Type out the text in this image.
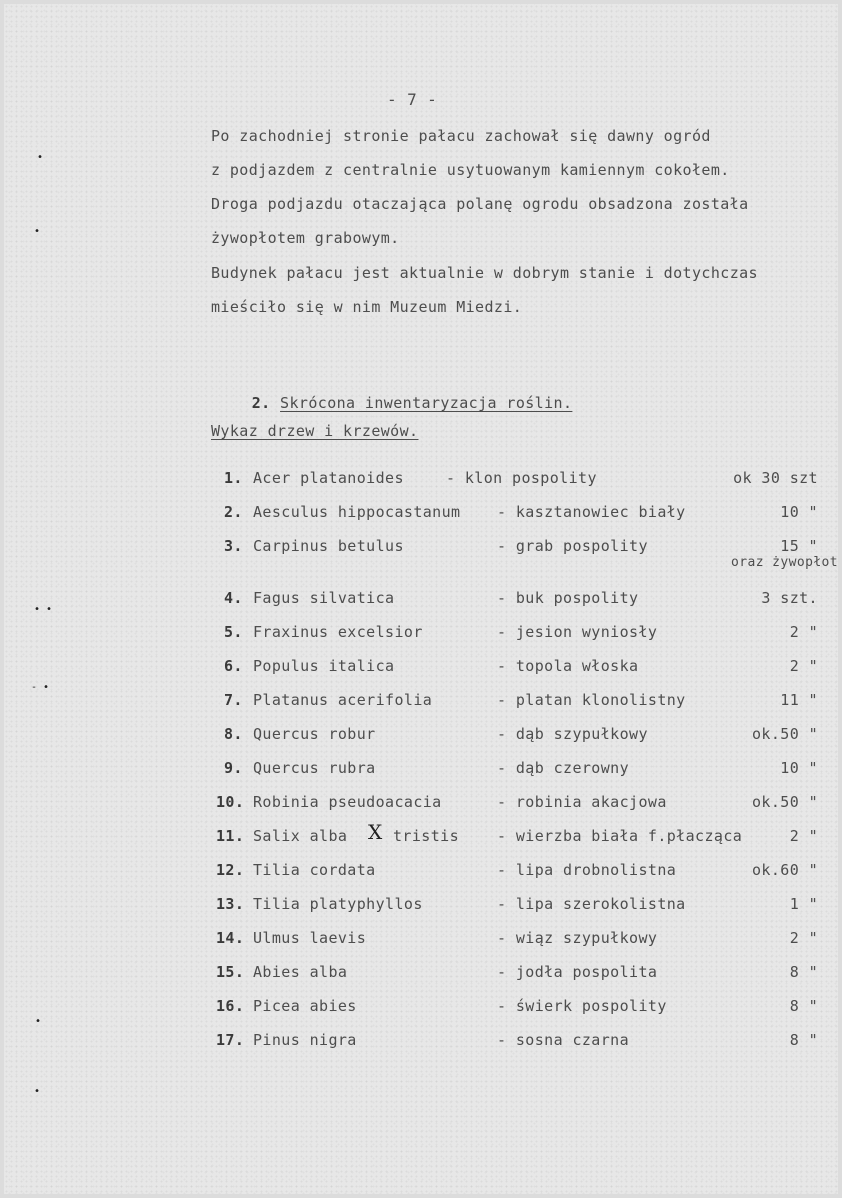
- 7 -
Po zachodniej stronie pałacu zachował się dawny ogród
z podjazdem z centralnie usytuowanym kamiennym cokołem.
Droga podjazdu otaczająca polanę ogrodu obsadzona została
żywopłotem grabowym.
Budynek pałacu jest aktualnie w dobrym stanie i dotychczas
mieściło się w nim Muzeum Miedzi.

2. Skrócona inwentaryzacja roślin.

Wykaz drzew i krzewów.
1. Acer platanoides	- klon pospolity	ok 30 szt
2. Aesculus hippocastanum - kasztanowiec biały	10 "
3. Carpinus betulus	- grab pospolity	15 "
oraz żywopłot
4. Fagus silvatica	- buk pospolity	3 szt.
5. Fraxinus excelsior	- jesion wyniosły	2 "
6. Populus italica	- topola włoska	2 "
7. Platanus acerifolia	- platan klonolistny	11 "
8. Quercus robur	- dąb szypułkowy	ok.50 "
9. Quercus rubra	- dąb czerowny	10 "
10. Robinia pseudoacacia	- robinia akacjowa	ok.50 "
11. Salix alba	tristis	- wierzba biała f.płacząca	2 "
12. Tilia cordata	- lipa drobnolistna	ok.60 "
13. Tilia platyphyllos	- lipa szerokolistna	1 "
14. Ulmus laevis	- wiąz szypułkowy	2 "
15. Abies alba	- jodła pospolita	8 "
16. Picea abies	- świerk pospolity	8 "
17. Pinus nigra	- sosna czarna	8 "
X
•
•
• •
- •
•
•
